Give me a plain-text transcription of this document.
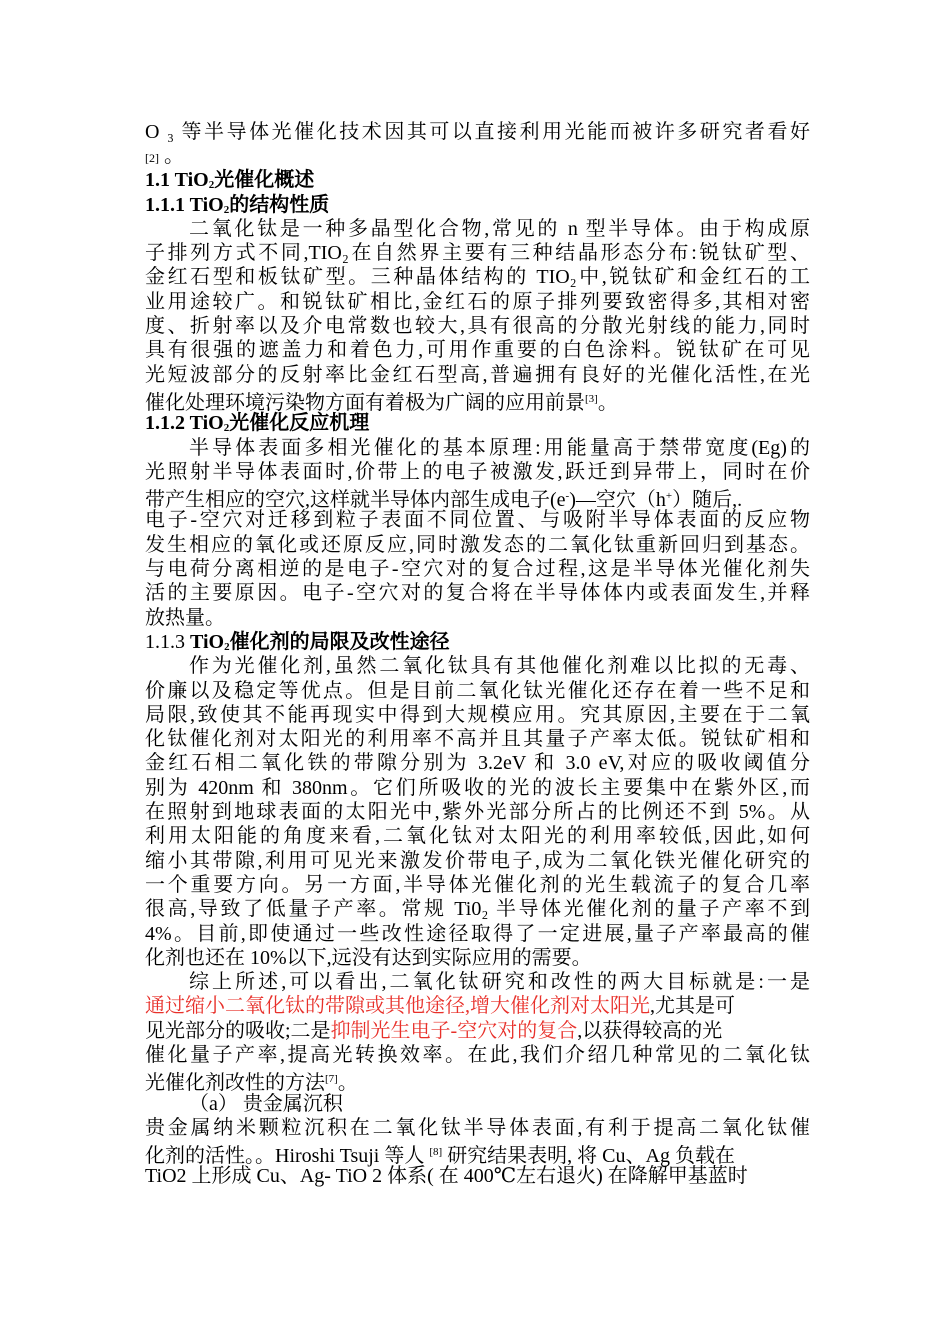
O ₃ 等半导体光催化技术因其可以直接利用光能而被许多研究者看好
[2] 。
1.1 TiO2光催化概述
1.1.1 TiO2的结构性质
二氧化钛是一种多晶型化合物,常见的 n 型半导体。由于构成原
子排列方式不同,TIO₂在自然界主要有三种结晶形态分布:锐钛矿型、
金红石型和板钛矿型。三种晶体结构的 TIO₂中,锐钛矿和金红石的工
业用途较广。和锐钛矿相比,金红石的原子排列要致密得多,其相对密
度、折射率以及介电常数也较大,具有很高的分散光射线的能力,同时
具有很强的遮盖力和着色力,可用作重要的白色涂料。锐钛矿在可见
光短波部分的反射率比金红石型高,普遍拥有良好的光催化活性,在光
催化处理环境污染物方面有着极为广阔的应用前景[3]。
1.1.2 TiO2光催化反应机理
半导体表面多相光催化的基本原理:用能量高于禁带宽度(Eg)的
光照射半导体表面时,价带上的电子被激发,跃迁到异带上，同时在价
带产生相应的空穴,这样就半导体内部生成电子(e-)—空穴（h+）随后,.
电子-空穴对迁移到粒子表面不同位置、与吸附半导体表面的反应物
发生相应的氧化或还原反应,同时激发态的二氧化钛重新回归到基态。
与电荷分离相逆的是电子-空穴对的复合过程,这是半导体光催化剂失
活的主要原因。电子-空穴对的复合将在半导体体内或表面发生,并释
放热量。
1.1.3 TiO2催化剂的局限及改性途径
作为光催化剂,虽然二氧化钛具有其他催化剂难以比拟的无毒、
价廉以及稳定等优点。但是目前二氧化钛光催化还存在着一些不足和
局限,致使其不能再现实中得到大规模应用。究其原因,主要在于二氧
化钛催化剂对太阳光的利用率不高并且其量子产率太低。锐钛矿相和
金红石相二氧化铁的带隙分别为 3.2eV 和 3.0 eV,对应的吸收阈值分
别为 420nm 和 380nm。它们所吸收的光的波长主要集中在紫外区,而
在照射到地球表面的太阳光中,紫外光部分所占的比例还不到 5%。从
利用太阳能的角度来看,二氧化钛对太阳光的利用率较低,因此,如何
缩小其带隙,利用可见光来激发价带电子,成为二氧化铁光催化研究的
一个重要方向。另一方面,半导体光催化剂的光生载流子的复合几率
很高,导致了低量子产率。常规 Ti0₂ 半导体光催化剂的量子产率不到
4%。目前,即使通过一些改性途径取得了一定进展,量子产率最高的催
化剂也还在 10%以下,远没有达到实际应用的需要。
综上所述,可以看出,二氧化钛研究和改性的两大目标就是:一是
通过缩小二氧化钛的带隙或其他途径,增大催化剂对太阳光,尤其是可
见光部分的吸收;二是抑制光生电子-空穴对的复合,以获得较高的光
催化量子产率,提高光转换效率。在此,我们介绍几种常见的二氧化钛
光催化剂改性的方法[7]。
（a） 贵金属沉积
贵金属纳米颗粒沉积在二氧化钛半导体表面,有利于提高二氧化钛催
化剂的活性。。Hiroshi Tsuji 等人 [8] 研究结果表明, 将 Cu、Ag 负载在
TiO2 上形成 Cu、Ag- TiO 2 体系( 在 400℃左右退火) 在降解甲基蓝时
